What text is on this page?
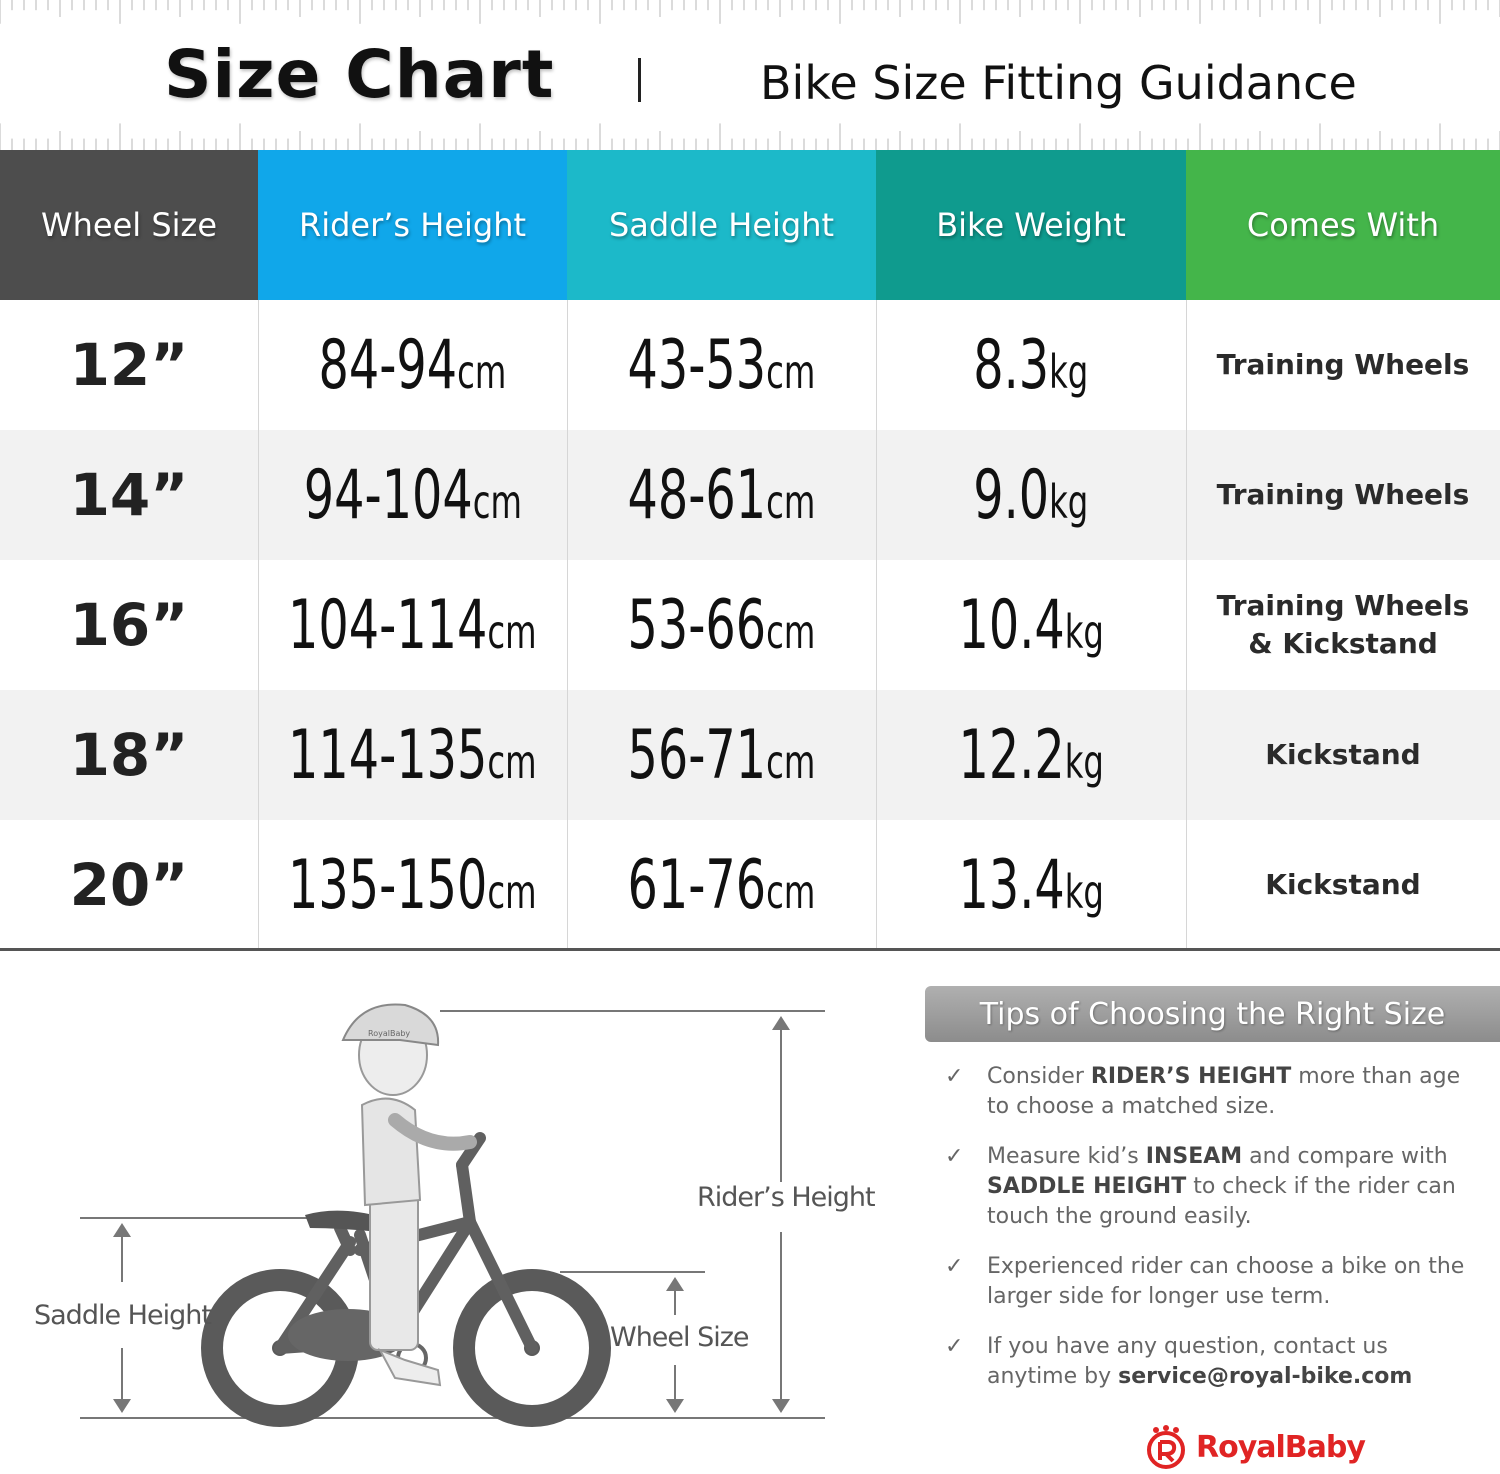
Size Chart	Bike Size Fitting Guidance
Wheel Size	Rider’s Height	Saddle Height	Bike Weight	Comes With
12”	84-94cm 43-53cm 8.3kg	Training Wheels
14”	94-104cm 48-61cm 9.0kg	Training Wheels
16”	104-114cm 53-66cm 10.4kg	Training Wheels
& Kickstand
18”	114-135cm 56-71cm 12.2kg	Kickstand
20”	135-150cm 61-76cm 13.4kg	Kickstand
RoyalBaby
Rider’s Height
Saddle Height
Wheel Size
Tips of Choosing the Right Size
✓	Consider RIDER’S HEIGHT more than age to choose a matched size.
✓	Measure kid’s INSEAM and compare with SADDLE HEIGHT to check if the rider can touch the ground easily.
✓	Experienced rider can choose a bike on the larger side for longer use term.
✓	If you have any question, contact us anytime by service@royal-bike.com
RoyalBaby
